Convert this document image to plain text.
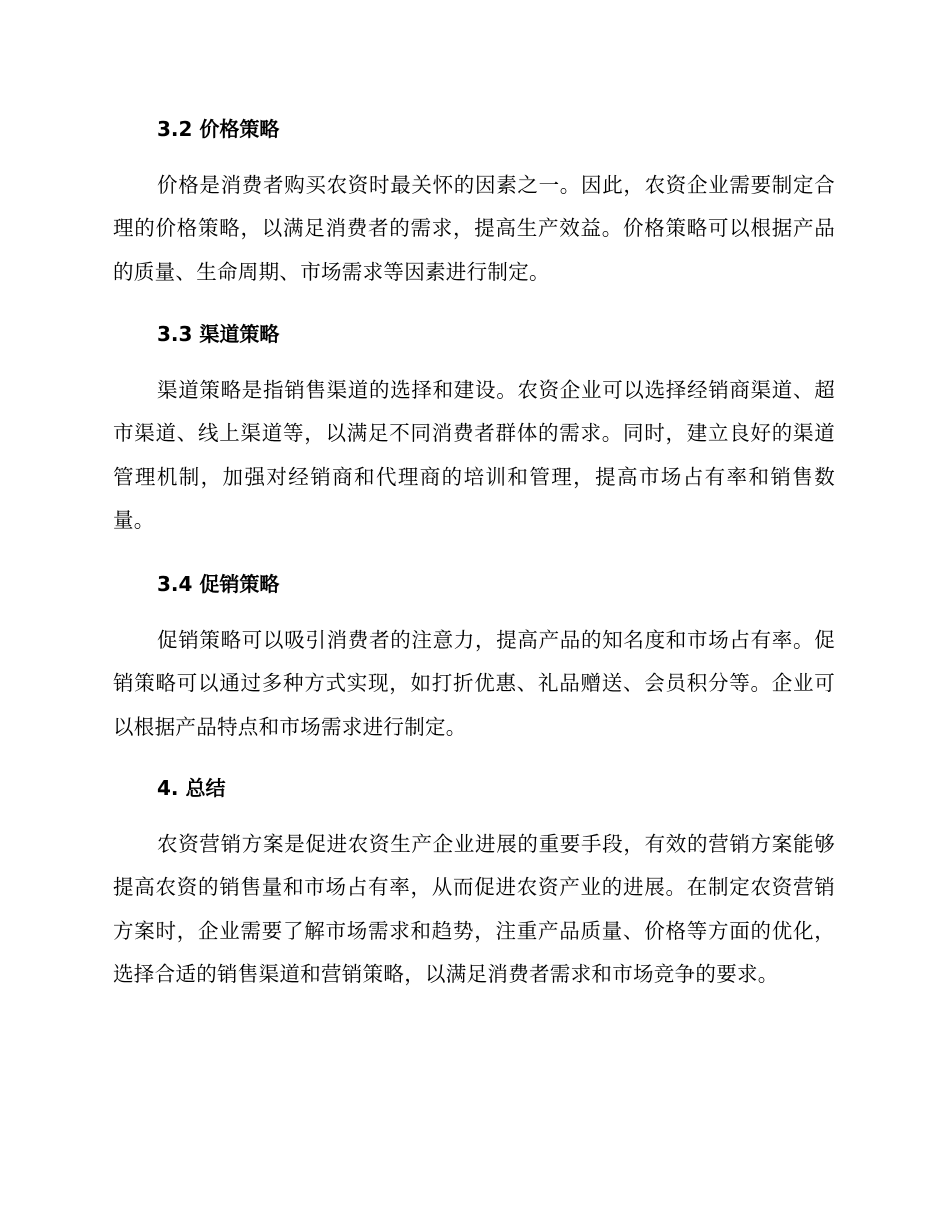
3.2 价格策略
价格是消费者购买农资时最关怀的因素之一。因此，农资企业需要制定合理的价格策略，以满足消费者的需求，提高生产效益。价格策略可以根据产品的质量、生命周期、市场需求等因素进行制定。
3.3 渠道策略
渠道策略是指销售渠道的选择和建设。农资企业可以选择经销商渠道、超市渠道、线上渠道等，以满足不同消费者群体的需求。同时，建立良好的渠道管理机制，加强对经销商和代理商的培训和管理，提高市场占有率和销售数量。
3.4 促销策略
促销策略可以吸引消费者的注意力，提高产品的知名度和市场占有率。促销策略可以通过多种方式实现，如打折优惠、礼品赠送、会员积分等。企业可以根据产品特点和市场需求进行制定。
4. 总结
农资营销方案是促进农资生产企业进展的重要手段，有效的营销方案能够提高农资的销售量和市场占有率，从而促进农资产业的进展。在制定农资营销方案时，企业需要了解市场需求和趋势，注重产品质量、价格等方面的优化，选择合适的销售渠道和营销策略，以满足消费者需求和市场竞争的要求。
